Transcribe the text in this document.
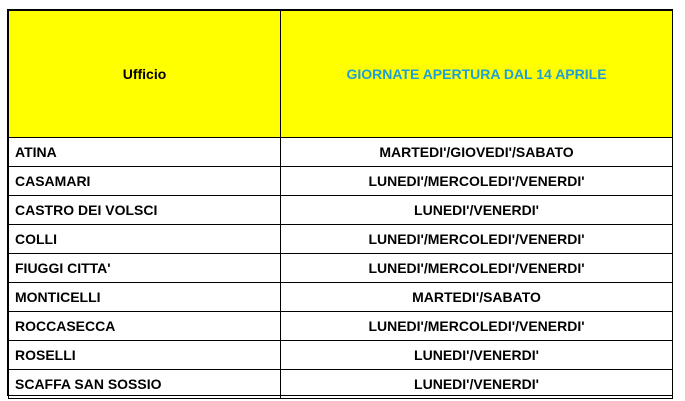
Ufficio	GIORNATE APERTURA DAL 14 APRILE
ATINA	MARTEDI'/GIOVEDI'/SABATO
CASAMARI	LUNEDI'/MERCOLEDI'/VENERDI'
CASTRO DEI VOLSCI	LUNEDI'/VENERDI'
COLLI	LUNEDI'/MERCOLEDI'/VENERDI'
FIUGGI CITTA'	LUNEDI'/MERCOLEDI'/VENERDI'
MONTICELLI	MARTEDI'/SABATO
ROCCASECCA	LUNEDI'/MERCOLEDI'/VENERDI'
ROSELLI	LUNEDI'/VENERDI'
SCAFFA SAN SOSSIO	LUNEDI'/VENERDI'
